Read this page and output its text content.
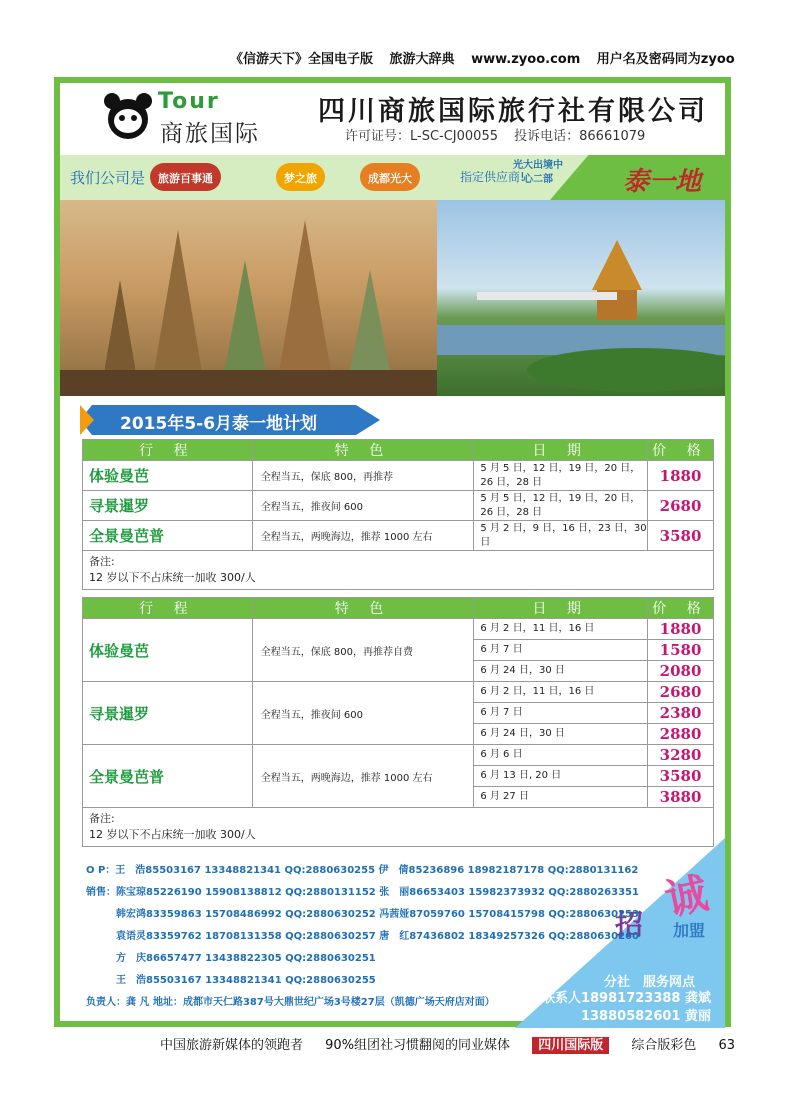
《信游天下》全国电子版 旅游大辞典 www.zyoo.com 用户名及密码同为zyoo
Tour
商旅国际
四川商旅国际旅行社有限公司
许可证号：L-SC-CJ00055 投诉电话：86661079
我们公司是	旅游百事通	梦之旅	成都光大	指定供应商!
光大出境中心二部	泰一地
2015年5-6月泰一地计划
行 程	特 色	日 期	价 格
体验曼芭	全程当五，保底 800，再推荐	5 月 5 日，12 日，19 日，20 日，26 日，28 日	1880
寻景暹罗	全程当五，推夜间 600	5 月 5 日，12 日，19 日，20 日，26 日，28 日	2680
全景曼芭普	全程当五，两晚海边，推荐 1000 左右	5 月 2 日，9 日，16 日，23 日，30 日	3580

备注:
12 岁以下不占床统一加收 300/人			
行 程	特 色	日 期	价 格
体验曼芭	全程当五，保底 800，再推荐自费	6 月 2 日，11 日，16 日	1880
		6 月 7 日	1580
		6 月 24 日，30 日	2080
寻景暹罗	全程当五，推夜间 600	6 月 2 日，11 日，16 日	2680
		6 月 7 日	2380
		6 月 24 日，30 日	2880
全景曼芭普	全程当五，两晚海边，推荐 1000 左右	6 月 6 日	3280
		6 月 13 日, 20 日	3580
		6 月 27 日	3880

备注:
12 岁以下不占床统一加收 300/人			
诚
招 加盟
O P：王　浩85503167 13348821341 QQ:2880630255 伊　倩85236896 18982187178 QQ:2880131162
销售：陈宝琼85226190 15908138812 QQ:2880131152 张　丽86653403 15982373932 QQ:2880263351
　　　韩宏鸿83359863 15708486992 QQ:2880630252 冯茜娅87059760 15708415798 QQ:2880630253
　　　袁语灵83359762 18708131358 QQ:2880630257 唐　红87436802 18349257326 QQ:2880630260
　　　方　庆86657477 13438822305 QQ:2880630251
　　　王　浩85503167 13348821341 QQ:2880630255
负责人：龚 凡 地址：成都市天仁路387号大鼎世纪广场3号楼27层（凯德广场天府店对面）
分社　服务网点
联系人18981723388 龚斌
13880582601 黄丽
中国旅游新媒体的领跑者 90%组团社习惯翻阅的同业媒体 四川国际版 综合版彩色 63
